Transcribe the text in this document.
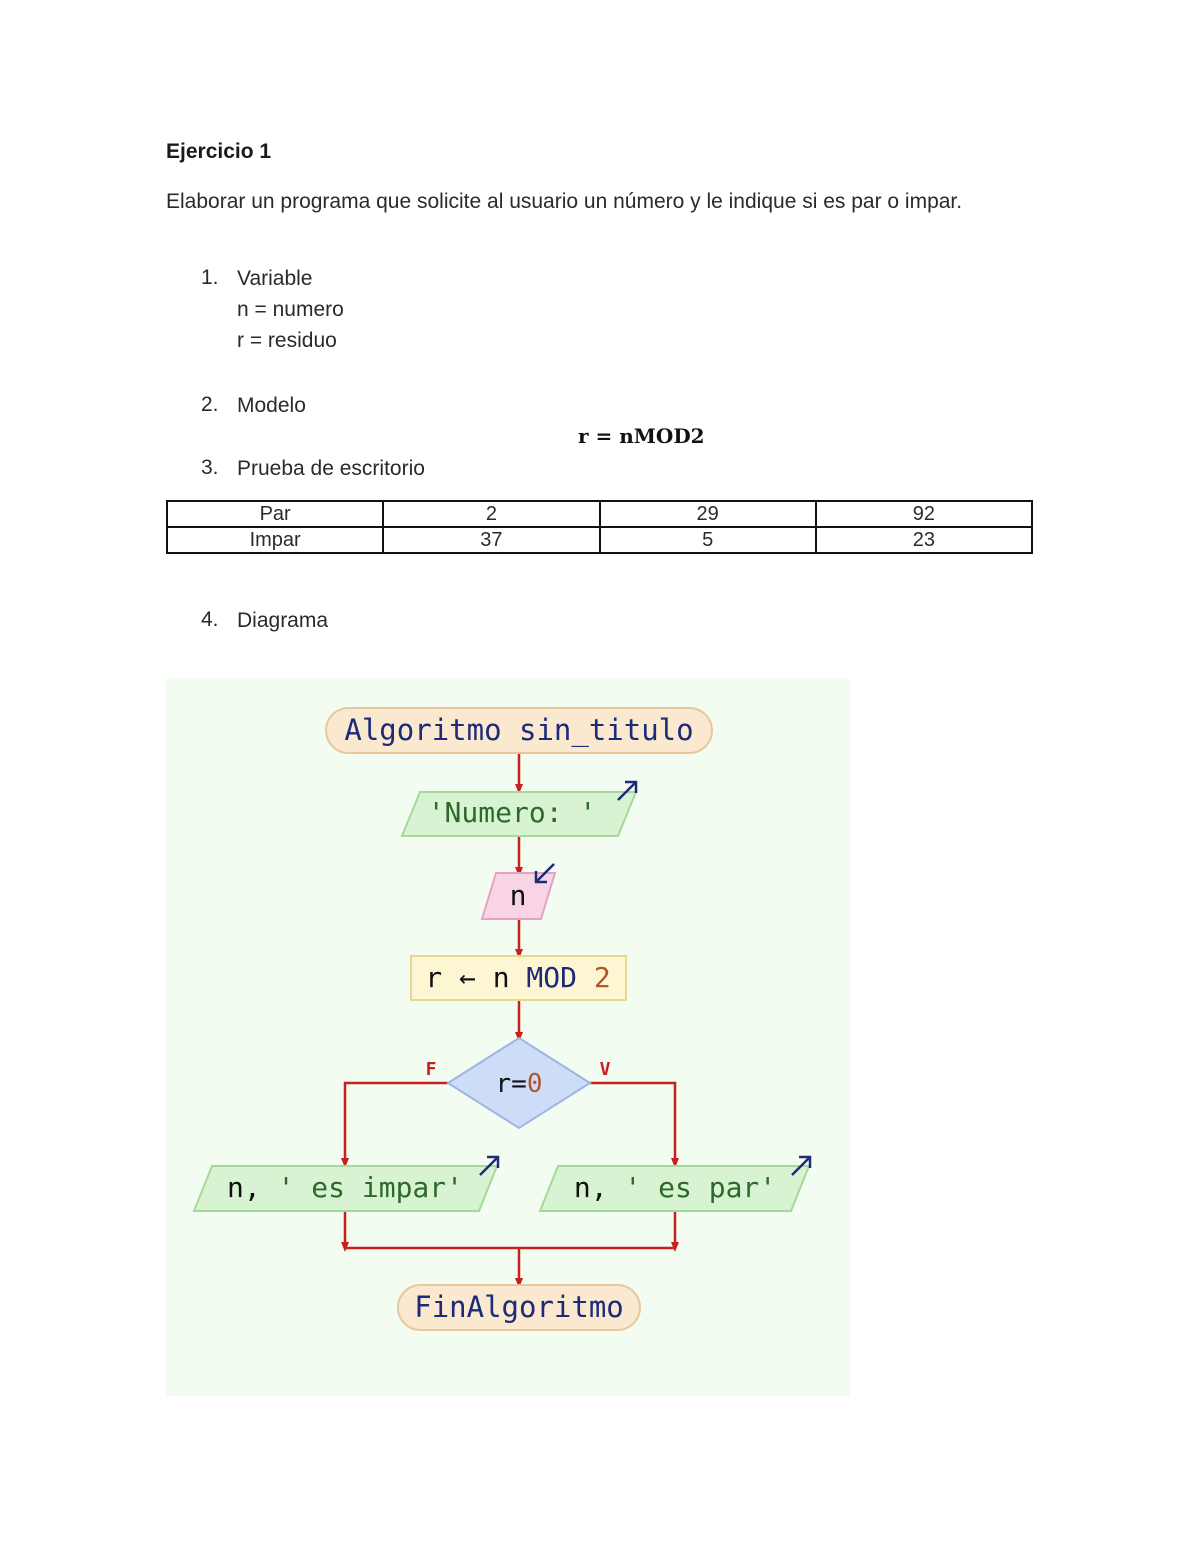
Ejercicio 1
Elaborar un programa que solicite al usuario un número y le indique si es par o impar.
1. Variable
n = numero
r = residuo
2. Modelo
r = nMOD2
3. Prueba de escritorio
Par	2	29	92
Impar	37	5	23
4. Diagrama
Algoritmo sin_titulo
'Numero: '
n
r ← n MOD 2
r=0
F	V
n, ' es impar'	n, ' es par'
FinAlgoritmo
